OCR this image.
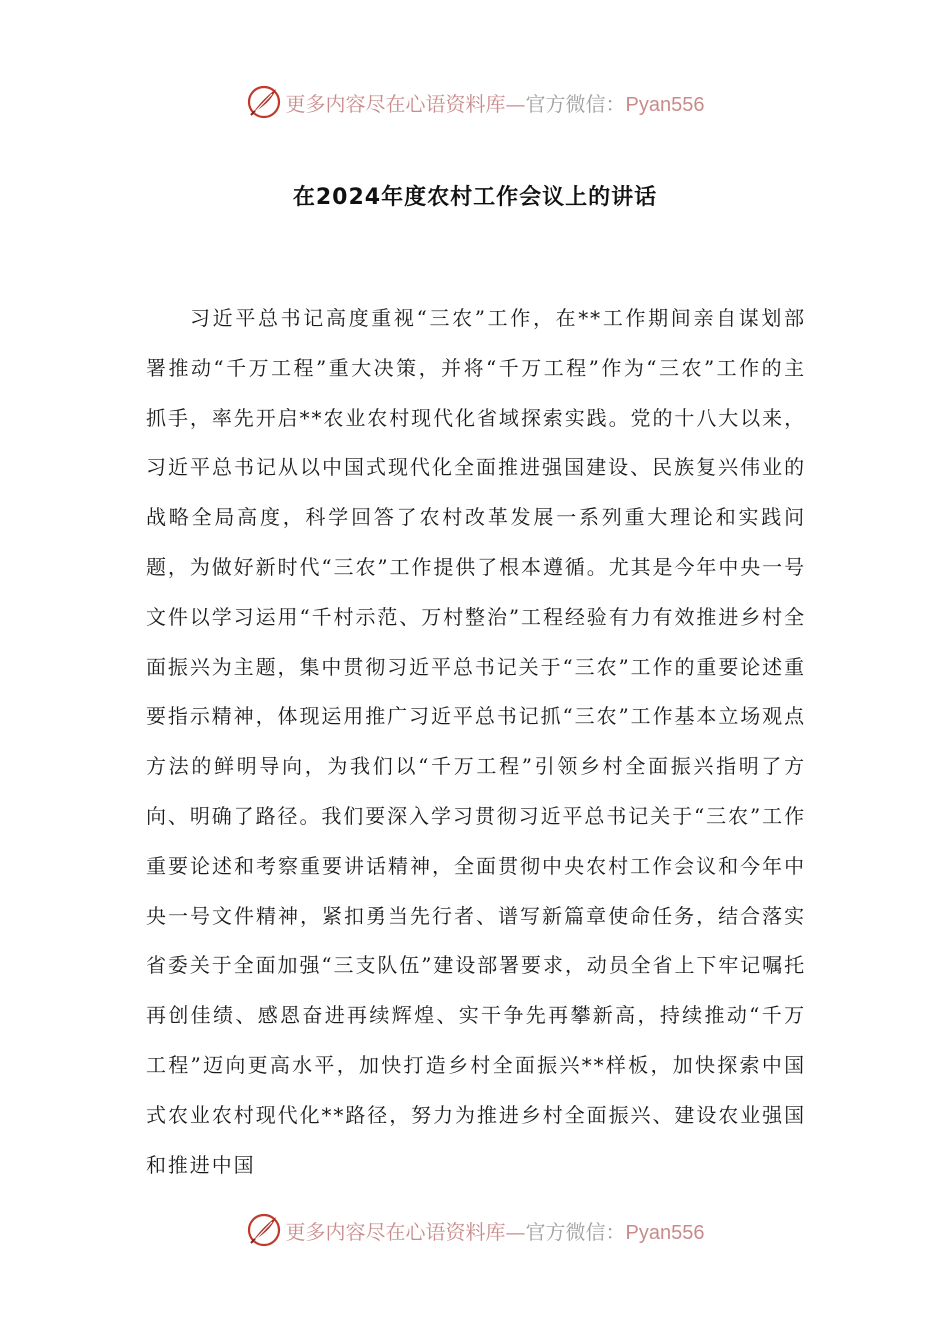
更多内容尽在心语资料库—官方微信：Pyan556
在2024年度农村工作会议上的讲话

习近平总书记高度重视“三农”工作，在**工作期间亲自谋划部署推动“千万工程”重大决策，并将“千万工程”作为“三农”工作的主抓手，率先开启**农业农村现代化省域探索实践。党的十八大以来，习近平总书记从以中国式现代化全面推进强国建设、民族复兴伟业的战略全局高度，科学回答了农村改革发展一系列重大理论和实践问题，为做好新时代“三农”工作提供了根本遵循。尤其是今年中央一号文件以学习运用“千村示范、万村整治”工程经验有力有效推进乡村全面振兴为主题，集中贯彻习近平总书记关于“三农”工作的重要论述重要指示精神，体现运用推广习近平总书记抓“三农”工作基本立场观点方法的鲜明导向，为我们以“千万工程”引领乡村全面振兴指明了方向、明确了路径。我们要深入学习贯彻习近平总书记关于“三农”工作重要论述和考察重要讲话精神，全面贯彻中央农村工作会议和今年中央一号文件精神，紧扣勇当先行者、谱写新篇章使命任务，结合落实省委关于全面加强“三支队伍”建设部署要求，动员全省上下牢记嘱托再创佳绩、感恩奋进再续辉煌、实干争先再攀新高，持续推动“千万工程”迈向更高水平，加快打造乡村全面振兴**样板，加快探索中国式农业农村现代化**路径，努力为推进乡村全面振兴、建设农业强国和推进中国

更多内容尽在心语资料库—官方微信：Pyan556
